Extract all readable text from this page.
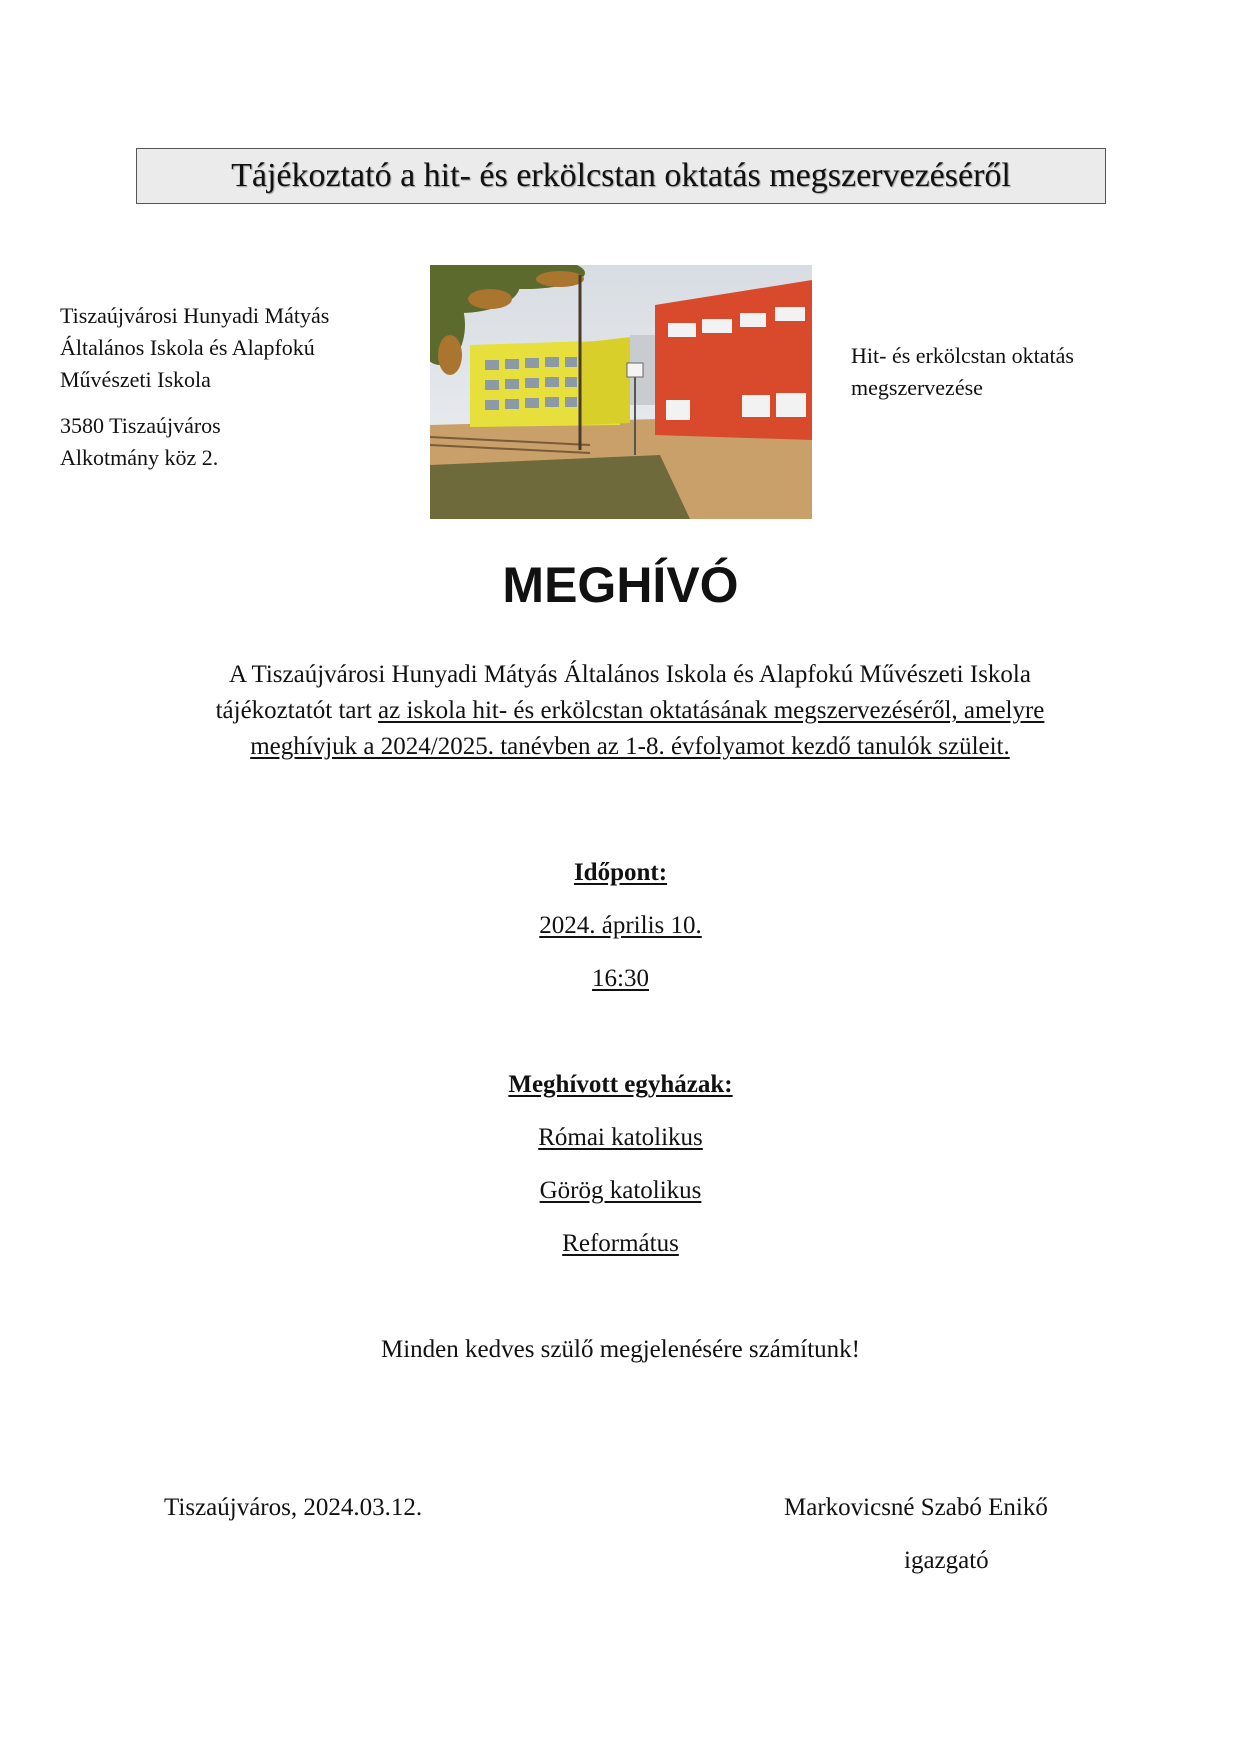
Tájékoztató a hit- és erkölcstan oktatás megszervezéséről

Tiszaújvárosi Hunyadi Mátyás
Általános Iskola és Alapfokú
Művészeti Iskola

3580 Tiszaújváros
Alkotmány köz 2.

Hit- és erkölcstan oktatás
megszervezése
MEGHÍVÓ
A Tiszaújvárosi Hunyadi Mátyás Általános Iskola és Alapfokú Művészeti Iskola tájékoztatót tart az iskola hit- és erkölcstan oktatásának megszervezéséről, amelyre meghívjuk a 2024/2025. tanévben az 1-8. évfolyamot kezdő tanulók szüleit.
Időpont:
2024. április 10.
16:30
Meghívott egyházak:
Római katolikus
Görög katolikus
Református
Minden kedves szülő megjelenésére számítunk!
Tiszaújváros, 2024.03.12.	Markovicsné Szabó Enikő
igazgató
